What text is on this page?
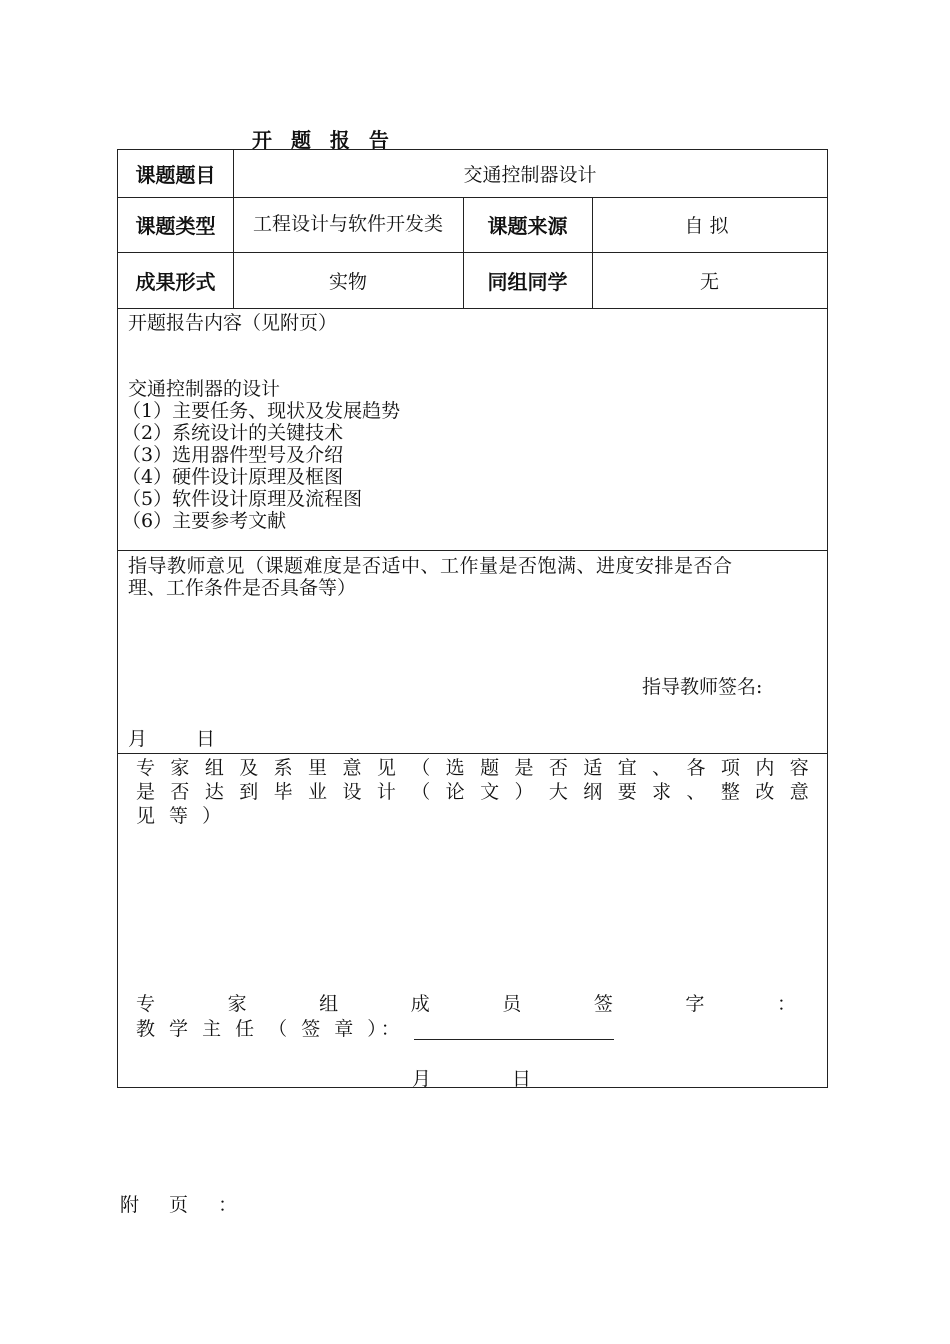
开 题 报 告
课题题目	交通控制器设计
课题类型	工程设计与软件开发类	课题来源	自拟
成果形式	实物	同组同学	无
开题报告内容（见附页）
交通控制器的设计
（1）主要任务、现状及发展趋势
（2）系统设计的关键技术
（3）选用器件型号及介绍
（4）硬件设计原理及框图
（5）软件设计原理及流程图
（6）主要参考文献
指导教师意见（课题难度是否适中、工作量是否饱满、进度安排是否合
理、工作条件是否具备等）
指导教师签名:
月	日
专 家 组 及 系 里 意 见 （ 选 题 是 否 适 宜 、 各 项 内 容
是 否 达 到 毕 业 设 计 （ 论 文 ） 大 纲 要 求 、 整 改 意
见 等 ）
专	家	组	成	员	签	字	：
教 学 主 任 （ 签 章 ）：
月	日
附 页 ：
